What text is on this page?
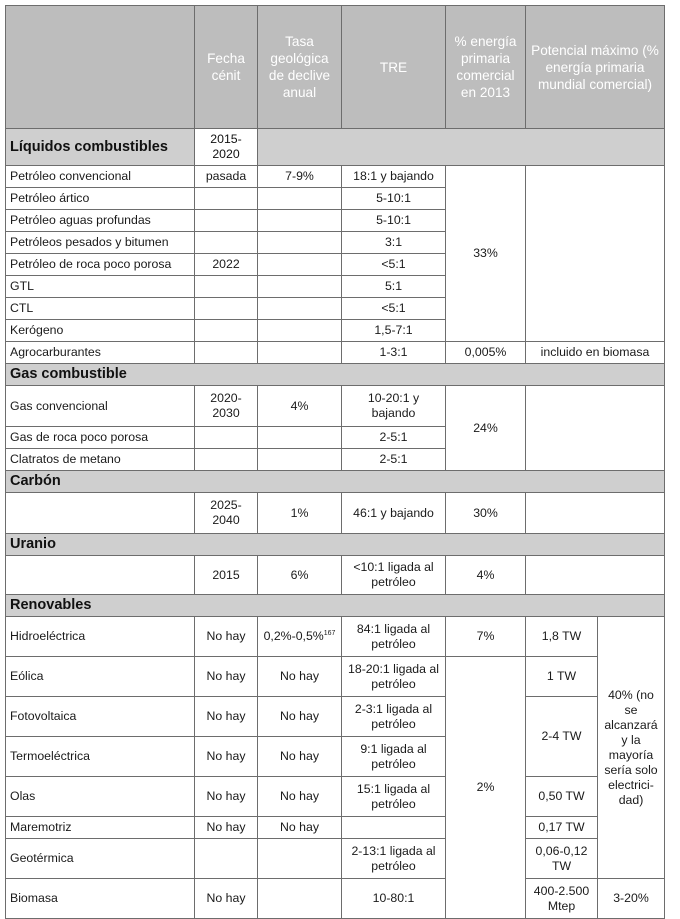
	Fecha cénit	Tasa geológica de declive anual	TRE	% energía primaria comercial en 2013	Potencial máximo (% energía primaria mundial comercial)	
Líquidos combustibles	2015-2020					
Petróleo convencional	pasada	7-9%	18:1 y bajando	33%		
Petróleo ártico			5-10:1			
Petróleo aguas profundas			5-10:1			
Petróleos pesados y bitumen			3:1			
Petróleo de roca poco porosa	2022		<5:1			
GTL			5:1			
CTL			<5:1			
Kerógeno			1,5-7:1			
Agrocarburantes			1-3:1	0,005%	incluido en biomasa	
Gas combustible						
Gas convencional	2020-2030	4%	10-20:1 y bajando	24%		
Gas de roca poco porosa			2-5:1			
Clatratos de metano			2-5:1			
Carbón						
	2025-2040	1%	46:1 y bajando	30%		
Uranio						
	2015	6%	<10:1 ligada al petróleo	4%		
Renovables						
Hidroeléctrica	No hay	0,2%-0,5%$^{167}$	84:1 ligada al petróleo	7%	1,8 TW	40% (no se alcanzará y la mayoría sería solo electrici-dad)
Eólica	No hay	No hay	18-20:1 ligada al petróleo	2%	1 TW	
Fotovoltaica	No hay	No hay	2-3:1 ligada al petróleo		2-4 TW	
Termoeléctrica	No hay	No hay	9:1 ligada al petróleo			
Olas	No hay	No hay	15:1 ligada al petróleo		0,50 TW	
Maremotriz	No hay	No hay			0,17 TW	
Geotérmica			2-13:1 ligada al petróleo		0,06-0,12 TW	
Biomasa	No hay		10-80:1		400-2.500 Mtep	3-20%
